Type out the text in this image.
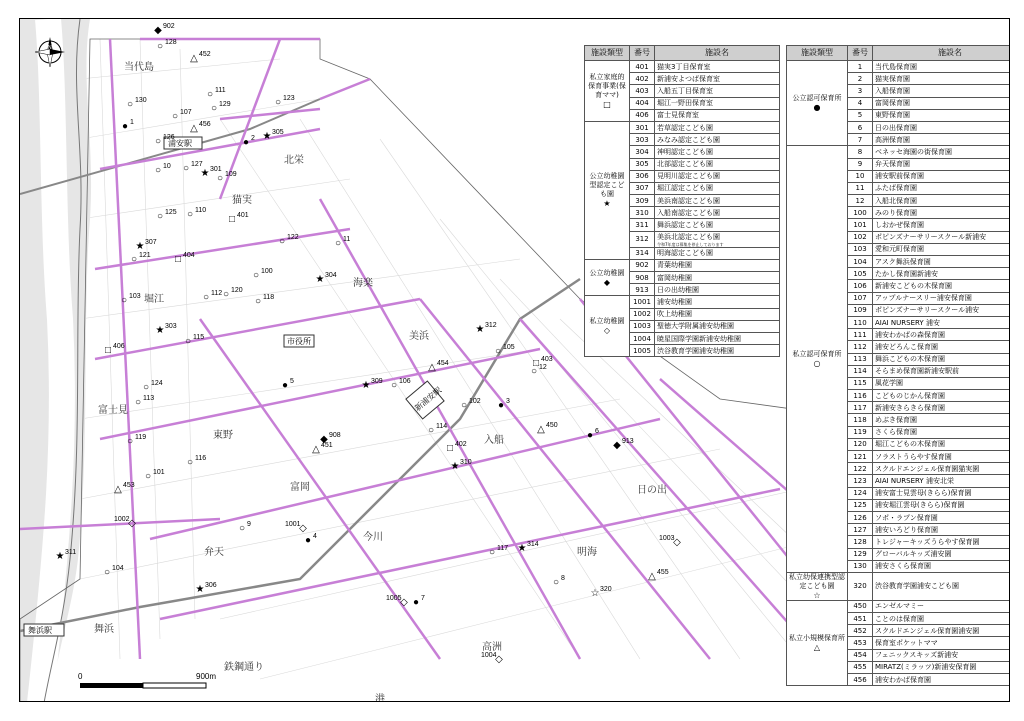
当代島
北栄
猫実
海楽
堀江
美浜
富士見
東野	入船
富岡
今川
日の出
弁天	明海
舞浜
高洲
鉄鋼通り
港
浦安駅
新浦安駅
舞浜駅
市役所
N
0	900m
◆ 902
○ 128
△ 452
○ 111
○ 130
○ 107 ○ 129	○ 123
● 1
△ 456
● 2 ★ 305
○ 126
○ 10 ○ 127
★ 301
○ 109
○ 125 ○ 110
□ 401
★ 307	○ 122
○ 11
○ 121 □ 404
○ 100
★ 304
○ 103	○ 112 ○ 120
○ 118
★ 303
○ 115
★ 312
□ 406	○ 105
□ 403
○ 12
● 5	★ 309 ○ 106
△ 454
○ 124
○ 113
○ 102 ● 3
○ 114
◆ 908
△ 451	□ 402
★ 310
△ 450
● 6
◆ 913
○ 119
○ 116
○ 101
△ 453
◇
1002
○ 9	◇
1001
● 4
★ 314
○ 117
◇
1003
★ 311
○ 104
★ 306
△ 455
○ 8
☆ 320
◇
1005 ● 7
◇
1004
施設類型	番号	施設名
私立家庭的保育事業(保育ママ)
□	401	猫実3丁目保育室
	402	新浦安よつば保育室
	403	入船五丁目保育室
	404	堀江一野田保育室
	406	富士見保育室
公立幼稚園型認定こども園
★	301	若草認定こども園
	303	みなみ認定こども園
	304	神明認定こども園
	305	北部認定こども園
	306	見明川認定こども園
	307	堀江認定こども園
	309	美浜南認定こども園
	310	入船南認定こども園
	311	舞浜認定こども園
	312	美浜北認定こども園
令和7年度は募集を停止しております

	314	明海認定こども園
公立幼稚園
◆	902	青葉幼稚園
	908	富岡幼稚園
	913	日の出幼稚園
私立幼稚園
◇	1001	浦安幼稚園
	1002	吹上幼稚園
	1003	聖徳大学附属浦安幼稚園
	1004	暁星国際学園新浦安幼稚園
	1005	渋谷教育学園浦安幼稚園
施設類型	番号	施設名
公立認可保育所
●	1	当代島保育園
	2	猫実保育園
	3	入船保育園
	4	富岡保育園
	5	東野保育園
	6	日の出保育園
	7	高洲保育園
私立認可保育所
○	8	ベネッセ海園の街保育園
	9	弁天保育園
	10	浦安駅前保育園
	11	ふたば保育園
	12	入船北保育園
	100	みのり保育園
	101	しおかぜ保育園
	102	ポピンズナーサリースクール新浦安
	103	愛和元町保育園
	104	アスク舞浜保育園
	105	たかし保育園新浦安
	106	新浦安こどもの木保育園
	107	アップルナースリー浦安保育園
	109	ポピンズナーサリースクール浦安
	110	AIAI NURSERY 浦安
	111	浦安わかばの森保育園
	112	浦安どろんこ保育園
	113	舞浜こどもの木保育園
	114	そらまめ保育園新浦安駅前
	115	風花学園
	116	こどものじかん保育園
	117	新浦安きらきら保育園
	118	めぶき保育園
	119	さくら保育園
	120	堀江こどもの木保育園
	121	ソラストうらやす保育園
	122	スクルドエンジェル保育園猫実園
	123	AIAI NURSERY 浦安北栄
	124	浦安富士見雲母(きらら)保育園
	125	浦安堀江雲母(きらら)保育園
	126	ソポ・ラプン保育園
	127	浦安いろどり保育園
	128	トレジャーキッズうらやす保育園
	129	グローバルキッズ浦安園
	130	浦安さくら保育園
私立幼保連携型認定こども園
☆	320	渋谷教育学園浦安こども園
私立小規模保育所
△	450	エンゼルマミー
	451	ことのは保育園
	452	スクルドエンジェル保育園浦安園
	453	保育室ポケットママ
	454	フェニックスキッズ新浦安
	455	MIRATZ(ミラッツ)新浦安保育園
	456	浦安わかば保育園
